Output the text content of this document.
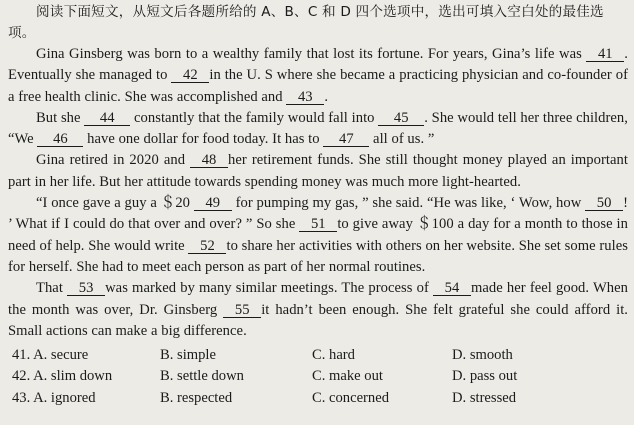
阅读下面短文，从短文后各题所给的 A、B、C 和 D 四个选项中，选出可填入空白处的最佳选项。

Gina Ginsberg was born to a wealthy family that lost its fortune. For years, Gina’s life was 41 . Eventually she managed to 42 in the U. S where she became a practicing physician and co-founder of a free health clinic. She was accomplished and 43 .

But she 44 constantly that the family would fall into 45 . She would tell her three children, “We 46 have one dollar for food today. It has to 47 all of us. ”

Gina retired in 2020 and 48 her retirement funds. She still thought money played an important part in her life. But her attitude towards spending money was much more light-hearted.

“I once gave a guy a ＄20 49 for pumping my gas, ” she said. “He was like, ‘ Wow, how 50 ! ’ What if I could do that over and over? ” So she 51 to give away ＄100 a day for a month to those in need of help. She would write 52 to share her activities with others on her website. She set some rules for herself. She had to meet each person as part of her normal routines.

That 53 was marked by many similar meetings. The process of 54 made her feel good. When the month was over, Dr. Ginsberg 55 it hadn’t been enough. She felt grateful she could afford it. Small actions can make a big difference.

41. A. secure	B. simple	C. hard	D. smooth
42. A. slim down	B. settle down	C. make out	D. pass out
43. A. ignored	B. respected	C. concerned	D. stressed
